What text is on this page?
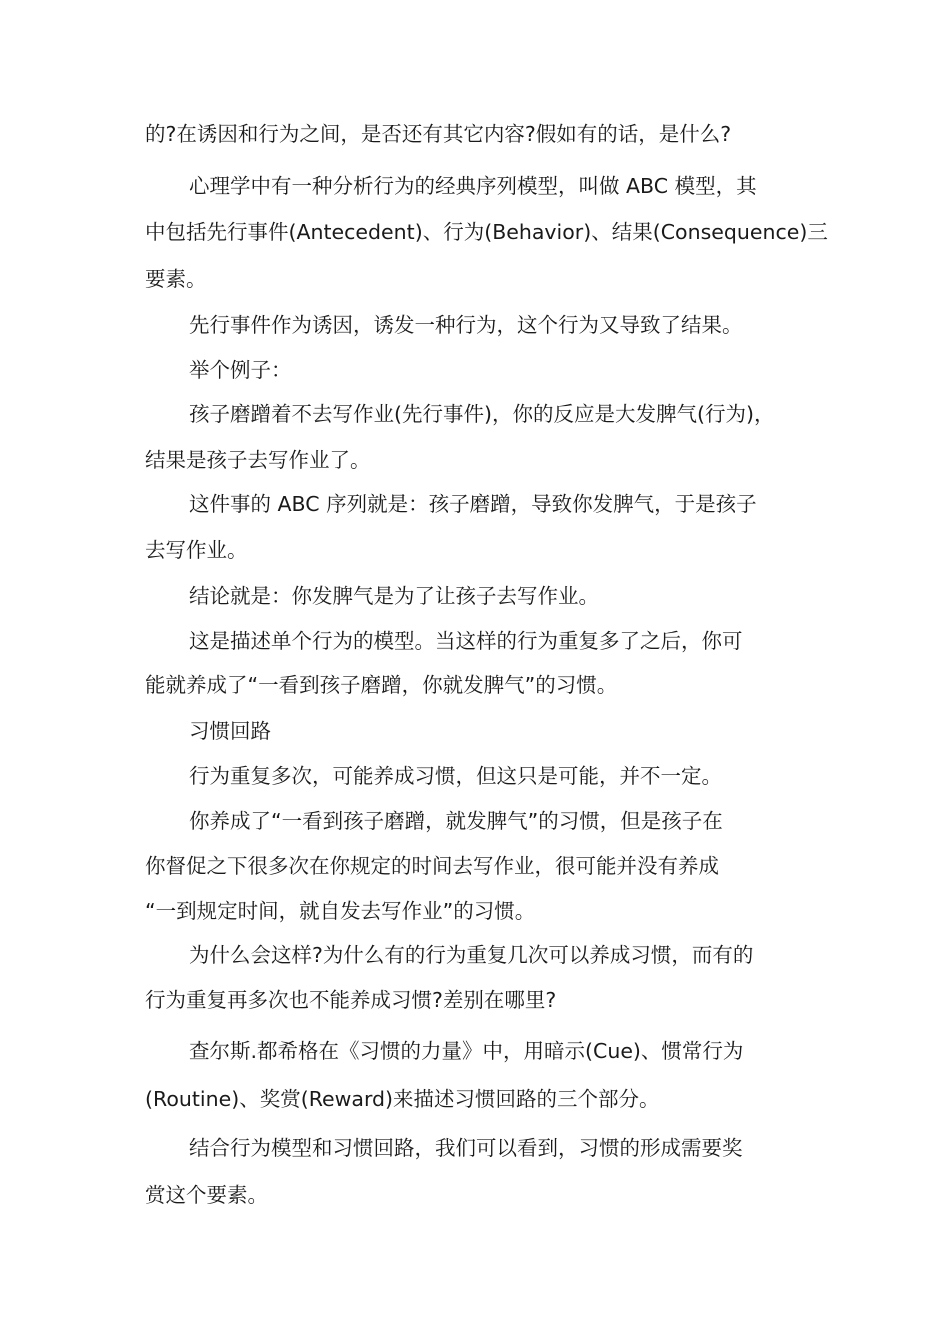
的?在诱因和行为之间，是否还有其它内容?假如有的话，是什么?

心理学中有一种分析行为的经典序列模型，叫做 ABC 模型，其

中包括先行事件(Antecedent)、行为(Behavior)、结果(Consequence)三

要素。

先行事件作为诱因，诱发一种行为，这个行为又导致了结果。

举个例子：

孩子磨蹭着不去写作业(先行事件)，你的反应是大发脾气(行为)，

结果是孩子去写作业了。

这件事的 ABC 序列就是：孩子磨蹭，导致你发脾气，于是孩子

去写作业。

结论就是：你发脾气是为了让孩子去写作业。

这是描述单个行为的模型。当这样的行为重复多了之后，你可

能就养成了“一看到孩子磨蹭，你就发脾气”的习惯。

习惯回路

行为重复多次，可能养成习惯，但这只是可能，并不一定。

你养成了“一看到孩子磨蹭，就发脾气”的习惯，但是孩子在

你督促之下很多次在你规定的时间去写作业，很可能并没有养成

“一到规定时间，就自发去写作业”的习惯。

为什么会这样?为什么有的行为重复几次可以养成习惯，而有的

行为重复再多次也不能养成习惯?差别在哪里?

查尔斯.都希格在《习惯的力量》中，用暗示(Cue)、惯常行为

(Routine)、奖赏(Reward)来描述习惯回路的三个部分。

结合行为模型和习惯回路，我们可以看到，习惯的形成需要奖

赏这个要素。
